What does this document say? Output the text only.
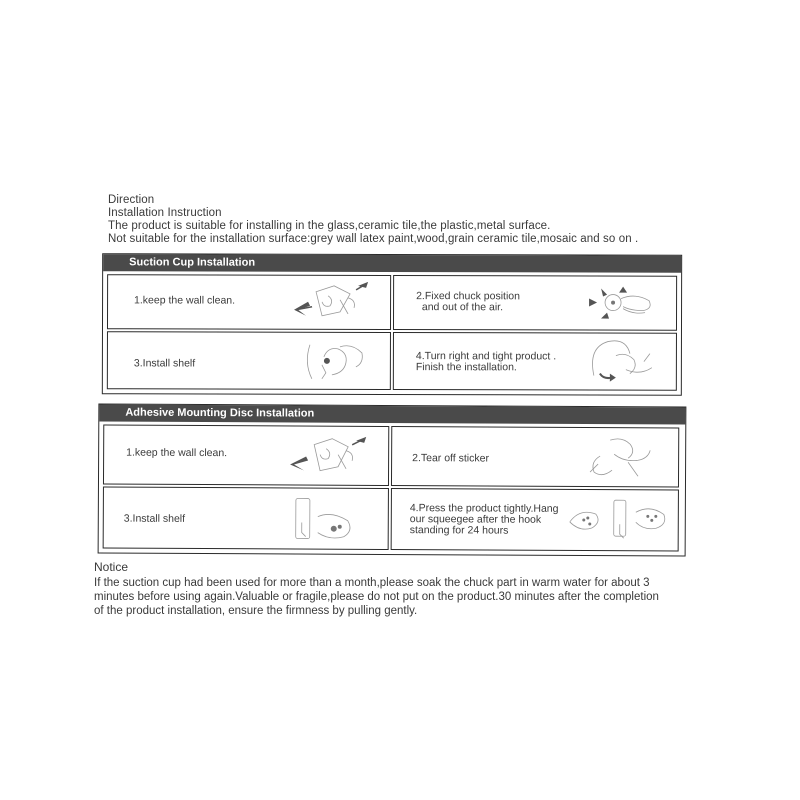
Direction
Installation Instruction
The product is suitable for installing in the glass,ceramic tile,the plastic,metal surface.
Not suitable for the installation surface:grey wall latex paint,wood,grain ceramic tile,mosaic and so on .
Suction Cup Installation
1.keep the wall clean.	2.Fixed chuck position
and out of the air.
3.Install shelf
4.Turn right and tight product .
Finish the installation.
Adhesive Mounting Disc Installation
1.keep the wall clean.	2.Tear off sticker
3.Install shelf
4.Press the product tightly.Hang
our squeegee after the hook
standing for 24 hours
Notice
If the suction cup had been used for more than a month,please soak the chuck part in warm water for about 3
minutes before using again.Valuable or fragile,please do not put on the product.30 minutes after the completion
of the product installation, ensure the firmness by pulling gently.
